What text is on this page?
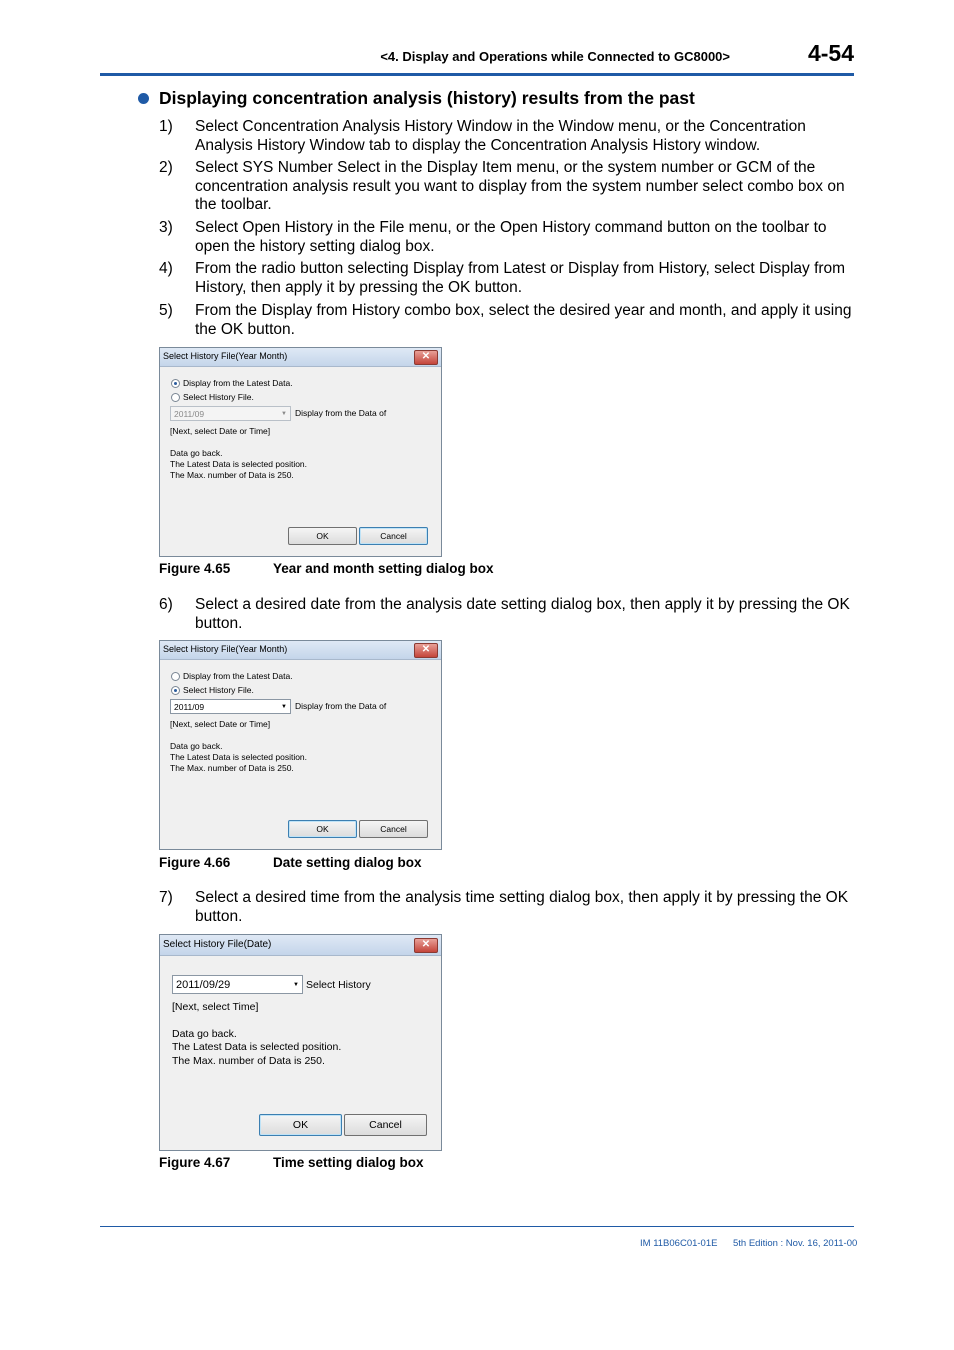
<4. Display and Operations while Connected to GC8000>	4-54
Displaying concentration analysis (history) results from the past
1) Select Concentration Analysis History Window in the Window menu, or the Concentration Analysis History Window tab to display the Concentration Analysis History window.
2) Select SYS Number Select in the Display Item menu, or the system number or GCM of the concentration analysis result you want to display from the system number select combo box on the toolbar.
3) Select Open History in the File menu, or the Open History command button on the toolbar to open the history setting dialog box.
4) From the radio button selecting Display from Latest or Display from History, select Display from History, then apply it by pressing the OK button.
5) From the Display from History combo box, select the desired year and month, and apply it using the OK button.
Select History File(Year Month)	✕
Display from the Latest Data.
Select History File.
2011/09	▼ Display from the Data of
[Next, select Date or Time]
Data go back.
The Latest Data is selected position.
The Max. number of Data is 250.
OK	Cancel
Figure 4.65	Year and month setting dialog box
6) Select a desired date from the analysis date setting dialog box, then apply it by pressing the OK button.
Select History File(Year Month)	✕
Display from the Latest Data.
Select History File.
2011/09	▼ Display from the Data of
[Next, select Date or Time]
Data go back.
The Latest Data is selected position.
The Max. number of Data is 250.
OK	Cancel
Figure 4.66	Date setting dialog box
7) Select a desired time from the analysis time setting dialog box, then apply it by pressing the OK button.
Select History File(Date)	✕
2011/09/29	▼ Select History
[Next, select Time]
Data go back.
The Latest Data is selected position.
The Max. number of Data is 250.
OK	Cancel
Figure 4.67	Time setting dialog box
IM 11B06C01-01E 5th Edition : Nov. 16, 2011-00
